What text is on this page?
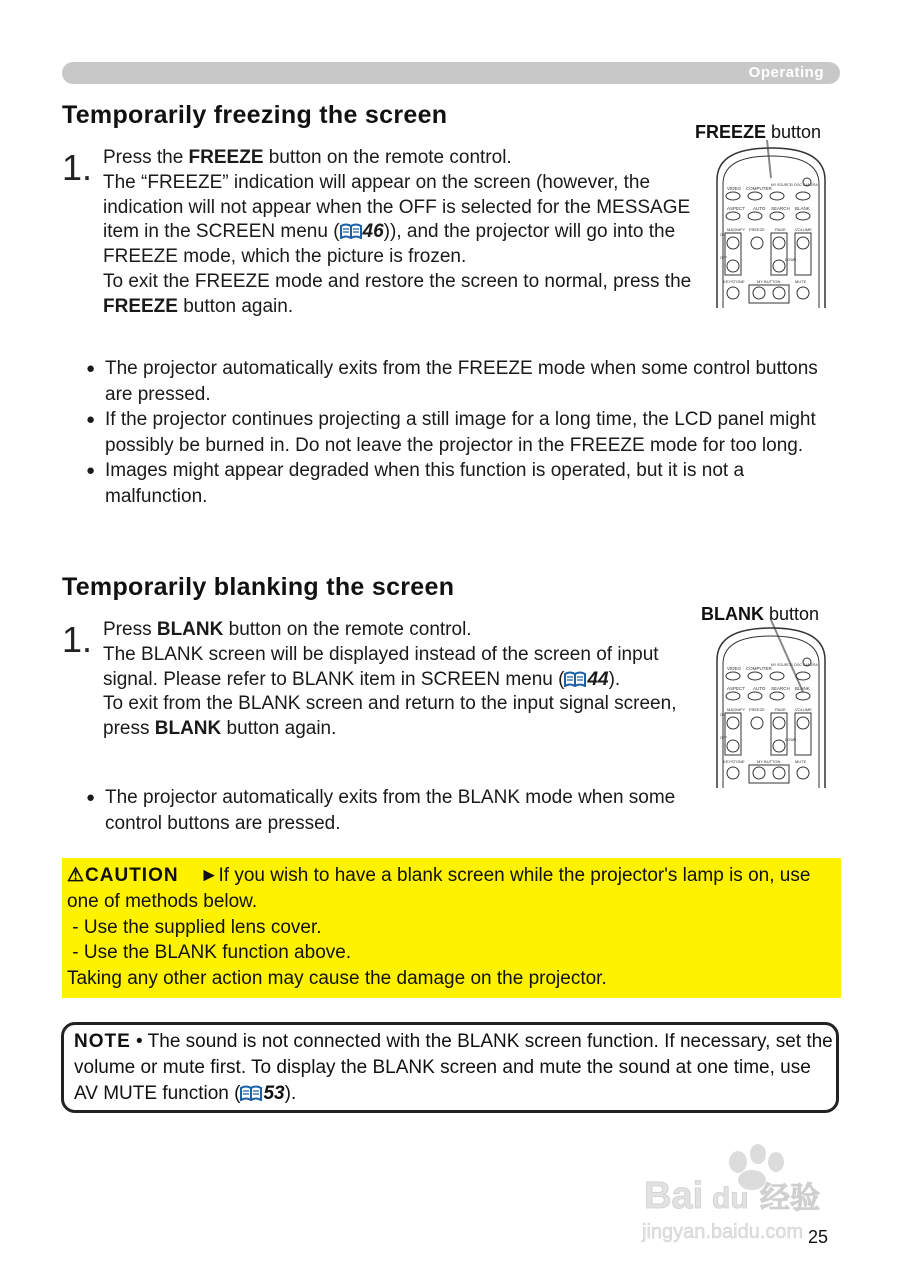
Operating
Temporarily freezing the screen
FREEZE button
1. Press the FREEZE button on the remote control.
The “FREEZE” indication will appear on the screen (however, the indication will not appear when the OFF is selected for the MESSAGE item in the SCREEN menu ( 46)), and the projector will go into the FREEZE mode, which the picture is frozen.
To exit the FREEZE mode and restore the screen to normal, press the FREEZE button again.

VIDEO COMPUTER
MY SOURCE/ DOC.CAMERA
ASPECT AUTO SEARCH BLANK
MAGNIFY FREEZE	PAGE VOLUME
ON
OFF	DOWN
KEYSTONE	MY BUTTON	MUTE
● The projector automatically exits from the FREEZE mode when some control buttons are pressed.
● If the projector continues projecting a still image for a long time, the LCD panel might possibly be burned in. Do not leave the projector in the FREEZE mode for too long.
● Images might appear degraded when this function is operated, but it is not a malfunction.
Temporarily blanking the screen
BLANK button
1. Press BLANK button on the remote control.
The BLANK screen will be displayed instead of the screen of input signal. Please refer to BLANK item in SCREEN menu ( 44).
To exit from the BLANK screen and return to the input signal screen, press BLANK button again.

VIDEO COMPUTER
MY SOURCE/ DOC.CAMERA
ASPECT AUTO SEARCH BLANK
MAGNIFY FREEZE	PAGE VOLUME
ON
OFF	DOWN
KEYSTONE	MY BUTTON	MUTE
● The projector automatically exits from the BLANK mode when some control buttons are pressed.

⚠CAUTION ►If you wish to have a blank screen while the projector's lamp is on, use one of methods below.
- Use the supplied lens cover.
- Use the BLANK function above.
Taking any other action may cause the damage on the projector.

NOTE • The sound is not connected with the BLANK screen function. If necessary, set the volume or mute first. To display the BLANK screen and mute the sound at one time, use AV MUTE function ( 53).

Bai du 经验
jingyan.baidu.com 25
